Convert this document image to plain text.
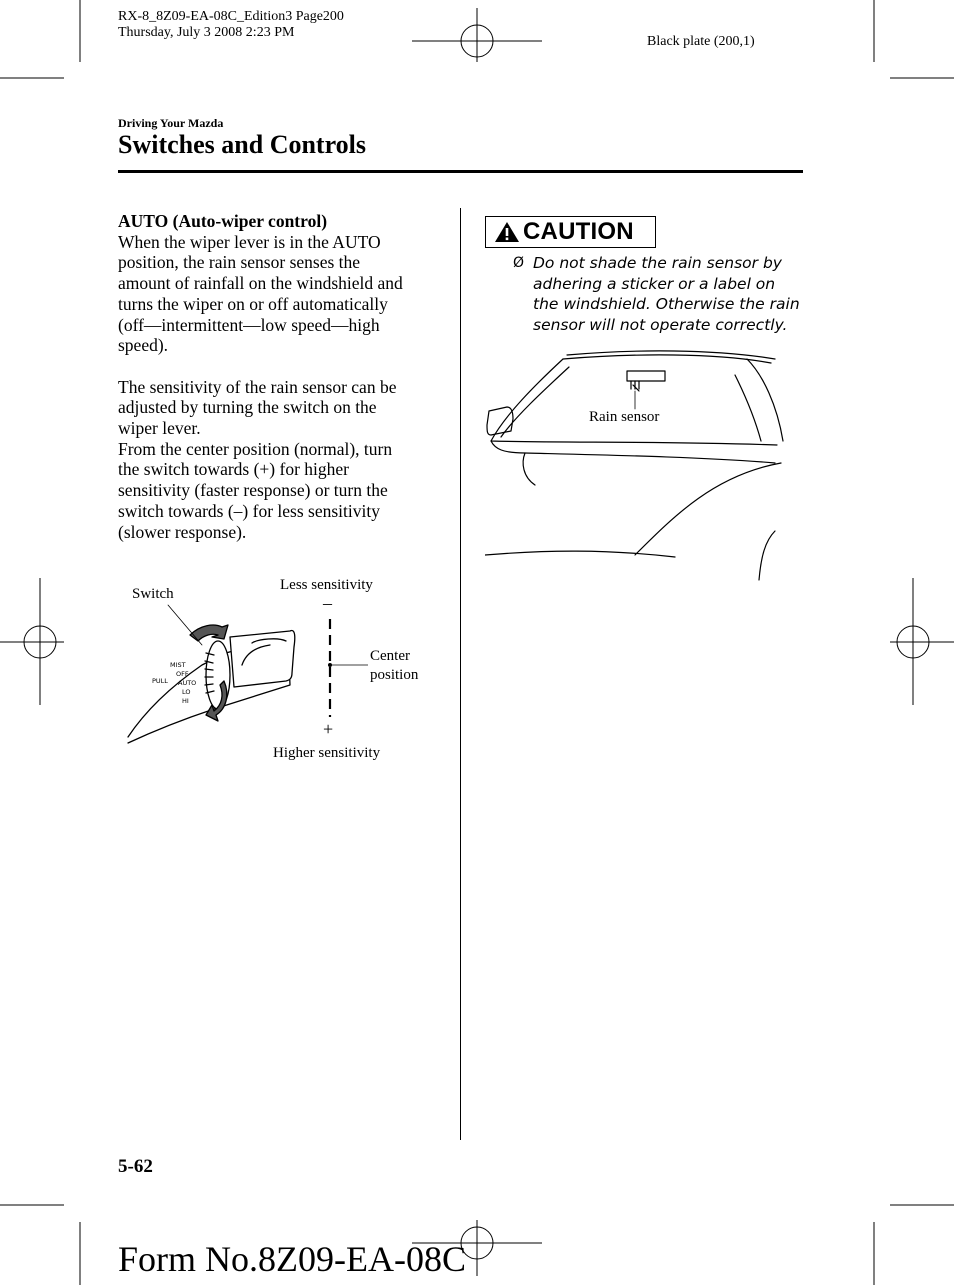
RX-8_8Z09-EA-08C_Edition3 Page200
Thursday, July 3 2008 2:23 PM
Black plate (200,1)
Driving Your Mazda
Switches and Controls

AUTO (Auto-wiper control)

When the wiper lever is in the AUTO

position, the rain sensor senses the

amount of rainfall on the windshield and

turns the wiper on or off automatically

(off―intermittent―low speed―high

speed).

The sensitivity of the rain sensor can be

adjusted by turning the switch on the

wiper lever.

From the center position (normal), turn

the switch towards (+) for higher

sensitivity (faster response) or turn the

switch towards (–) for less sensitivity

(slower response).

MIST
OFF
AUTO
LO
HI
PULL
Switch
Less sensitivity
–
Center
position
+
Higher sensitivity
CAUTION
Ø Do not shade the rain sensor by
adhering a sticker or a label on
the windshield. Otherwise the rain
sensor will not operate correctly.
Rain sensor
5-62
Form No.8Z09-EA-08C
